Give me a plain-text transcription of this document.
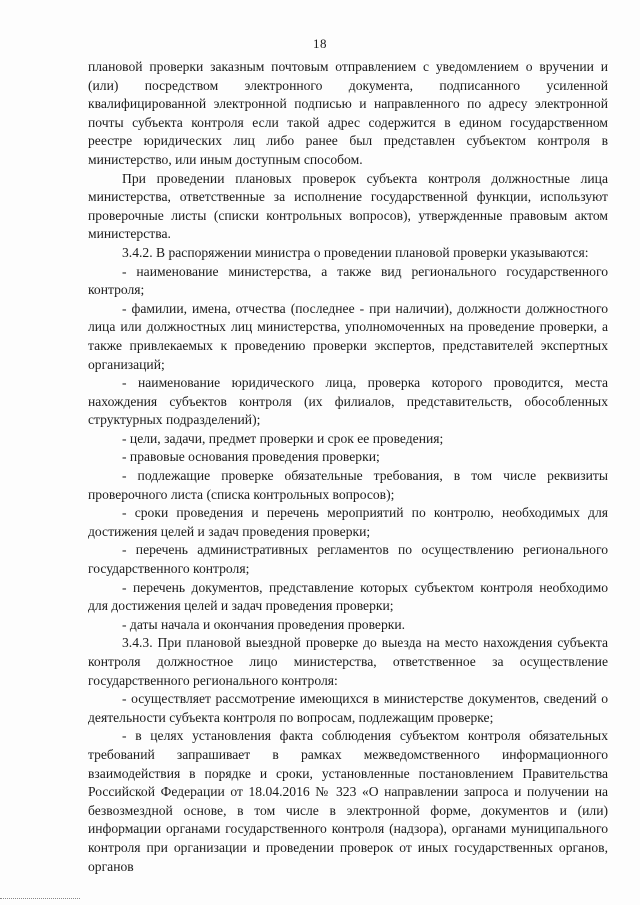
18

плановой проверки заказным почтовым отправлением с уведомлением о вручении и (или) посредством электронного документа, подписанного усиленной квалифицированной электронной подписью и направленного по адресу электронной почты субъекта контроля если такой адрес содержится в едином государственном реестре юридических лиц либо ранее был представлен субъектом контроля в министерство, или иным доступным способом.

При проведении плановых проверок субъекта контроля должностные лица министерства, ответственные за исполнение государственной функции, используют проверочные листы (списки контрольных вопросов), утвержденные правовым актом министерства.

3.4.2. В распоряжении министра о проведении плановой проверки указываются:

- наименование министерства, а также вид регионального государственного контроля;

- фамилии, имена, отчества (последнее - при наличии), должности должностного лица или должностных лиц министерства, уполномоченных на проведение проверки, а также привлекаемых к проведению проверки экспертов, представителей экспертных организаций;

- наименование юридического лица, проверка которого проводится, места нахождения субъектов контроля (их филиалов, представительств, обособленных структурных подразделений);

- цели, задачи, предмет проверки и срок ее проведения;

- правовые основания проведения проверки;

- подлежащие проверке обязательные требования, в том числе реквизиты проверочного листа (списка контрольных вопросов);

- сроки проведения и перечень мероприятий по контролю, необходимых для достижения целей и задач проведения проверки;

- перечень административных регламентов по осуществлению регионального государственного контроля;

- перечень документов, представление которых субъектом контроля необходимо для достижения целей и задач проведения проверки;

- даты начала и окончания проведения проверки.

3.4.3. При плановой выездной проверке до выезда на место нахождения субъекта контроля должностное лицо министерства, ответственное за осуществление государственного регионального контроля:

- осуществляет рассмотрение имеющихся в министерстве документов, сведений о деятельности субъекта контроля по вопросам, подлежащим проверке;

- в целях установления факта соблюдения субъектом контроля обязательных требований запрашивает в рамках межведомственного информационного взаимодействия в порядке и сроки, установленные постановлением Правительства Российской Федерации от 18.04.2016 № 323 «О направлении запроса и получении на безвозмездной основе, в том числе в электронной форме, документов и (или) информации органами государственного контроля (надзора), органами муниципального контроля при организации и проведении проверок от иных государственных органов, органов
